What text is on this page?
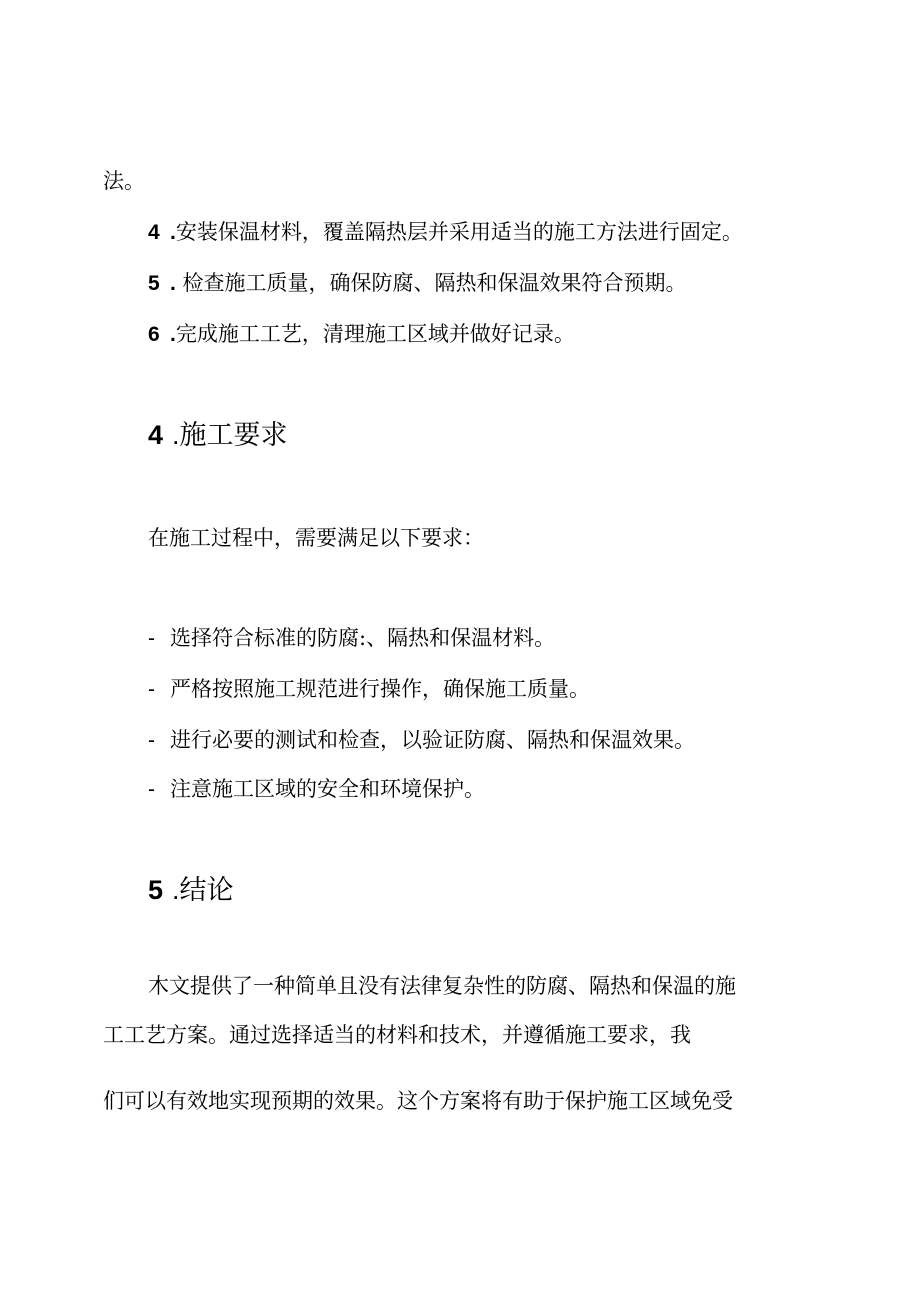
法。
4 .安装保温材料，覆盖隔热层并采用适当的施工方法进行固定。
5 . 检查施工质量，确保防腐、隔热和保温效果符合预期。
6 .完成施工工艺，清理施工区域并做好记录。
4 .施工要求
在施工过程中，需要满足以下要求：
- 选择符合标准的防腐:、隔热和保温材料。
- 严格按照施工规范进行操作，确保施工质量。
- 进行必要的测试和检查，以验证防腐、隔热和保温效果。
- 注意施工区域的安全和环境保护。
5 .结论
木文提供了一种简单且没有法律复杂性的防腐、隔热和保温的施
工工艺方案。通过选择适当的材料和技术，并遵循施工要求，我
们可以有效地实现预期的效果。这个方案将有助于保护施工区域免受
